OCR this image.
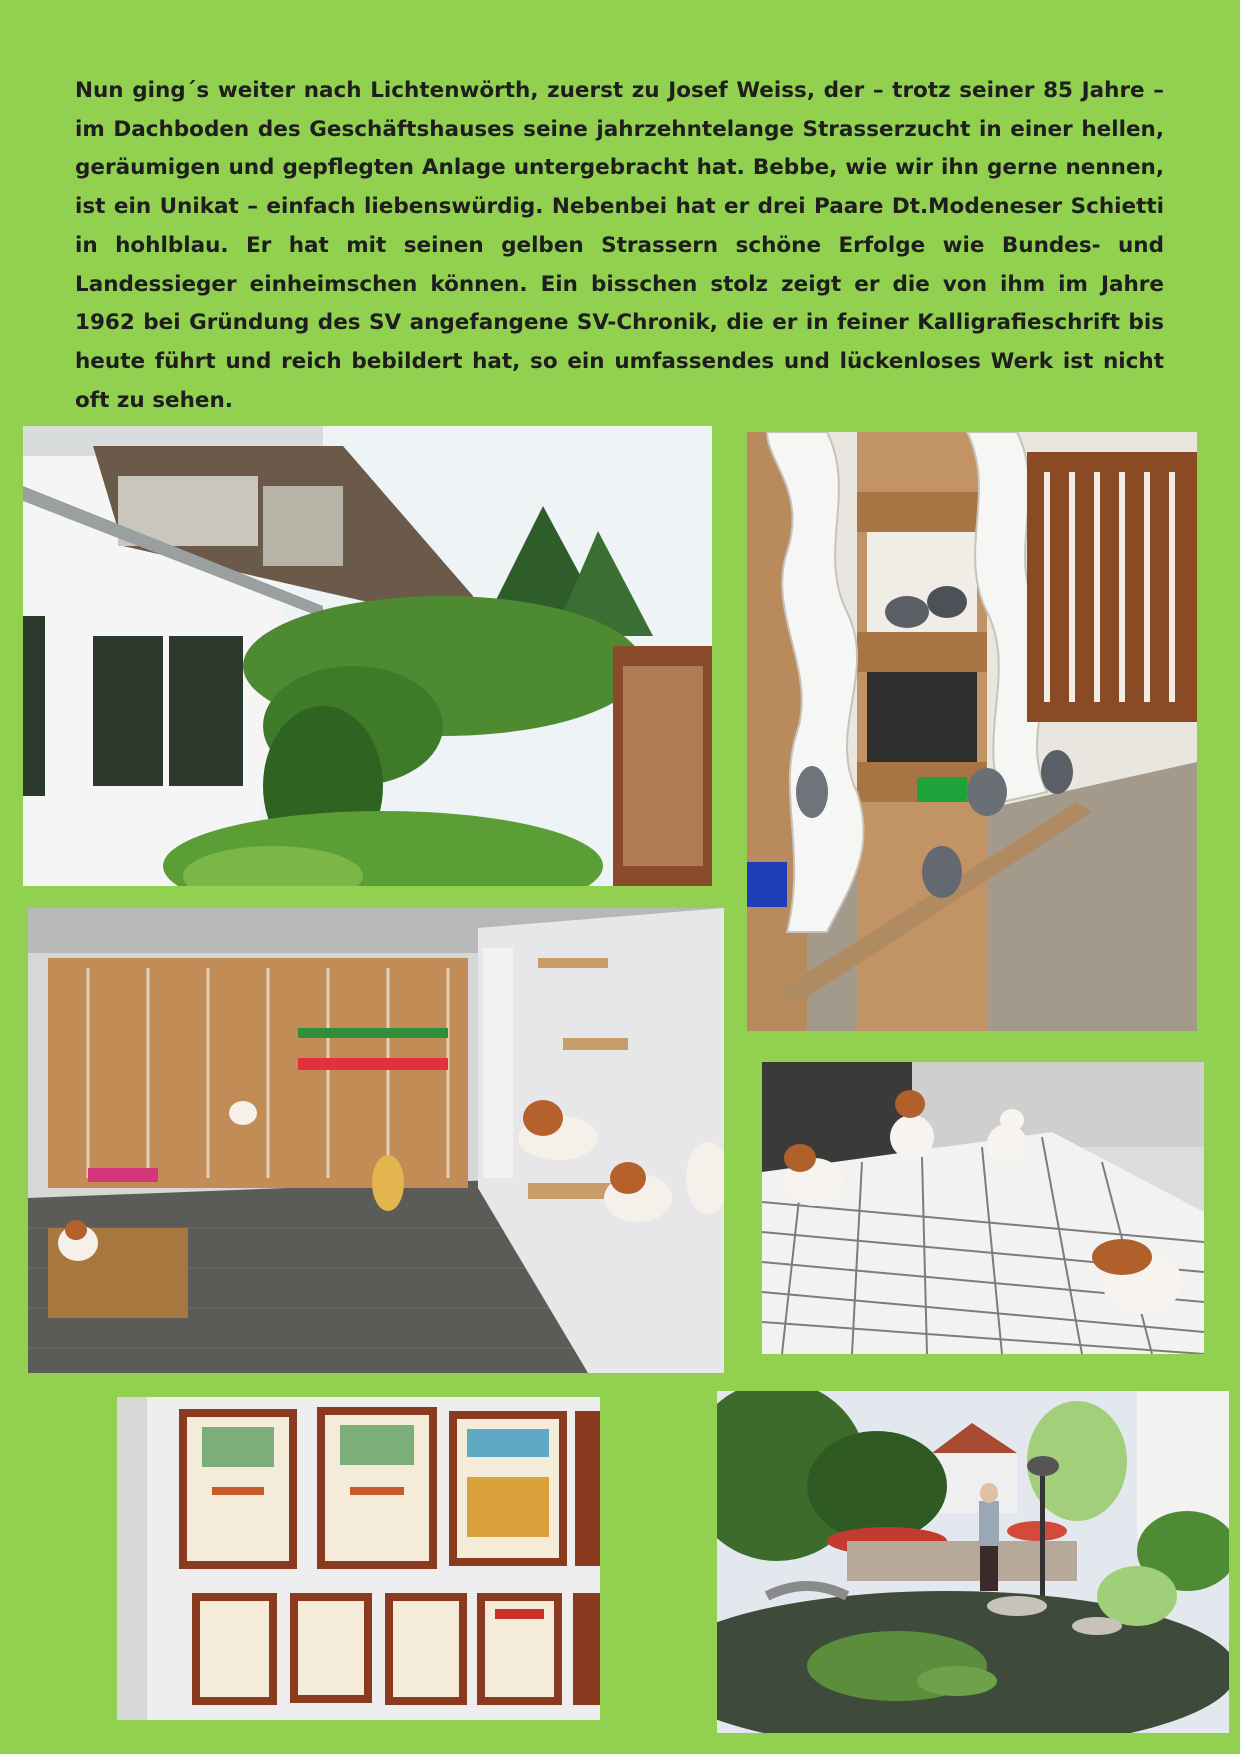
Nun ging´s weiter nach Lichtenwörth, zuerst zu Josef Weiss, der – trotz seiner 85 Jahre – im Dachboden des Geschäftshauses seine jahrzehntelange Strasserzucht in einer hellen, geräumigen und gepflegten Anlage untergebracht hat. Bebbe, wie wir ihn gerne nennen, ist ein Unikat – einfach liebenswürdig. Nebenbei hat er drei Paare Dt.Modeneser Schietti in hohlblau. Er hat mit seinen gelben Strassern schöne Erfolge wie Bundes- und Landessieger einheimschen können. Ein bisschen stolz zeigt er die von ihm im Jahre 1962 bei Gründung des SV angefangene SV-Chronik, die er in feiner Kalligrafieschrift bis heute führt und reich bebildert hat, so ein umfassendes und lückenloses Werk ist nicht oft zu sehen.
